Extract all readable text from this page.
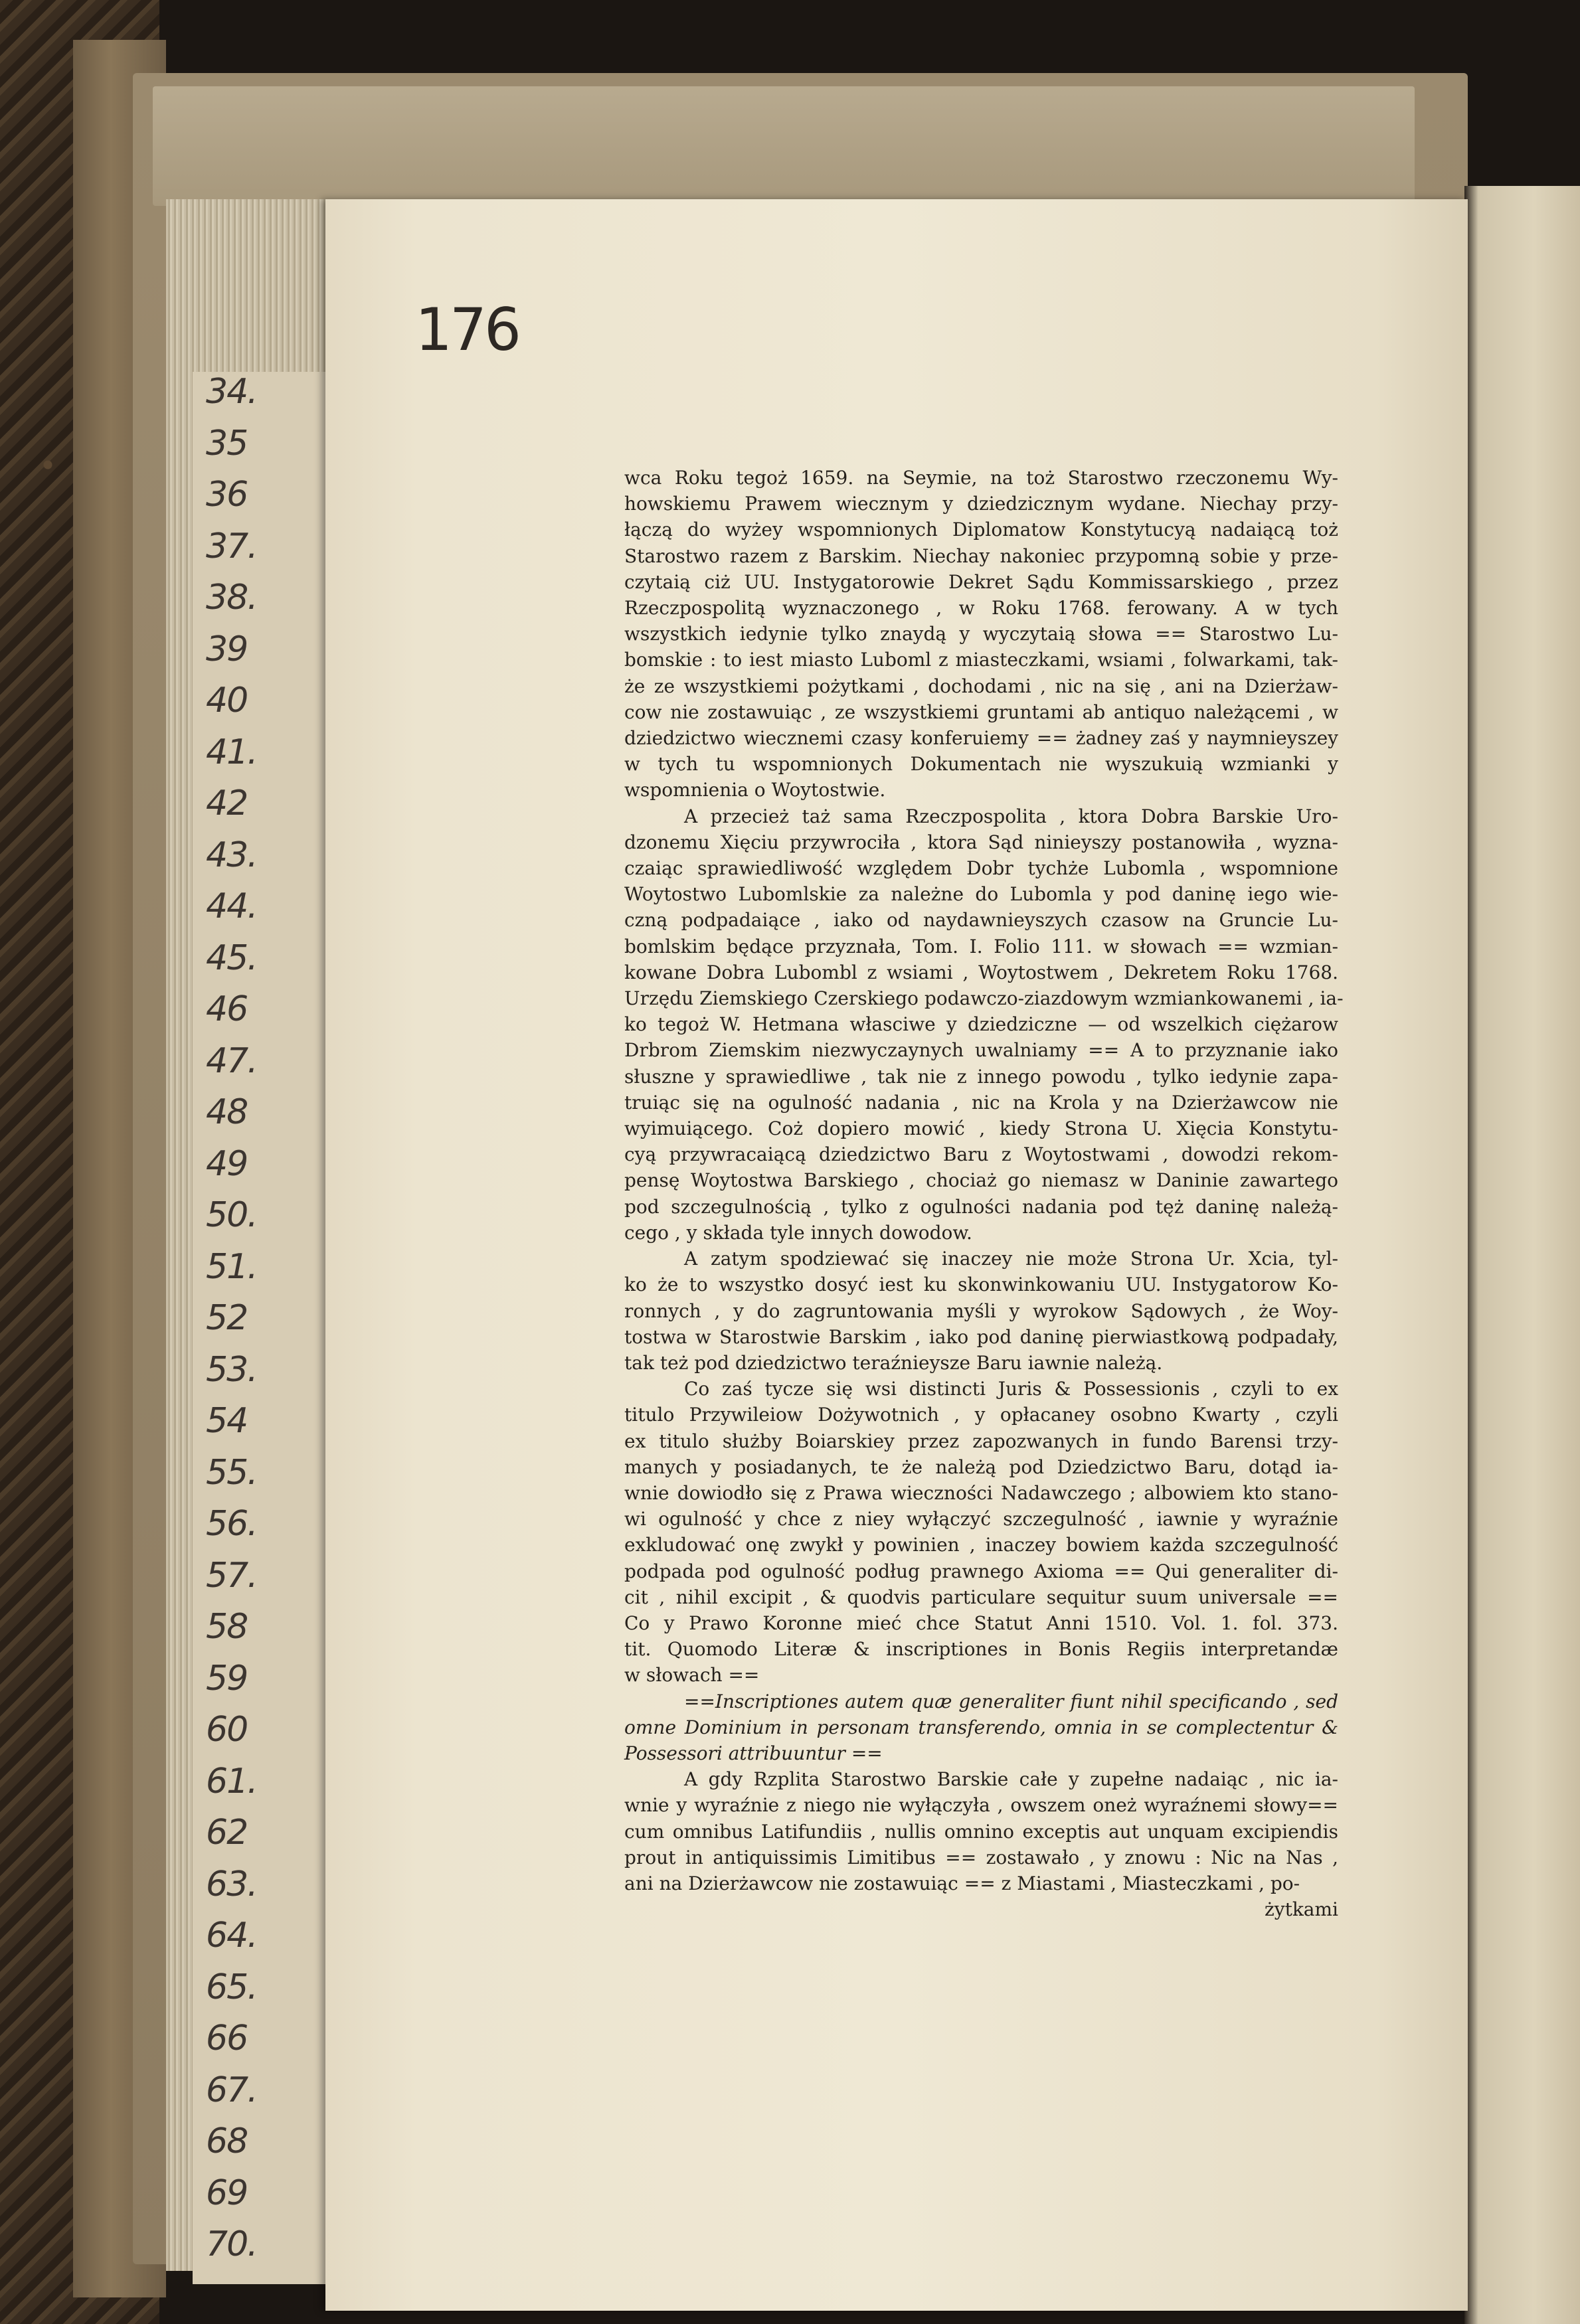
34.
35
36
37.
38.
39
40
41.
42
43.
44.
45.
46
47.
48
49
50.
51.
52
53.
54
55.
56.
57.
58
59
60
61.
62
63.
64.
65.
66
67.
68
69
70.
176
wca Roku tegoż 1659. na Seymie, na toż Starostwo rzeczonemu Wy-
howskiemu Prawem wiecznym y dziedzicznym wydane. Niechay przy-
łączą do wyżey wspomnionych Diplomatow Konstytucyą nadaiącą toż
Starostwo razem z Barskim. Niechay nakoniec przypomną sobie y prze-
czytaią ciż UU. Instygatorowie Dekret Sądu Kommissarskiego , przez
Rzeczpospolitą wyznaczonego , w Roku 1768. ferowany. A w tych
wszystkich iedynie tylko znaydą y wyczytaią słowa == Starostwo Lu-
bomskie : to iest miasto Luboml z miasteczkami, wsiami , folwarkami, tak-
że ze wszystkiemi pożytkami , dochodami , nic na się , ani na Dzierżaw-
cow nie zostawuiąc , ze wszystkiemi gruntami ab antiquo należącemi , w
dziedzictwo wiecznemi czasy konferuiemy == żadney zaś y naymnieyszey
w tych tu wspomnionych Dokumentach nie wyszukuią wzmianki y
wspomnienia o Woytostwie.
A przecież taż sama Rzeczpospolita , ktora Dobra Barskie Uro-
dzonemu Xięciu przywrociła , ktora Sąd ninieyszy postanowiła , wyzna-
czaiąc sprawiedliwość względem Dobr tychże Lubomla , wspomnione
Woytostwo Lubomlskie za należne do Lubomla y pod daninę iego wie-
czną podpadaiące , iako od naydawnieyszych czasow na Gruncie Lu-
bomlskim będące przyznała, Tom. I. Folio 111. w słowach == wzmian-
kowane Dobra Lubombl z wsiami , Woytostwem , Dekretem Roku 1768.
Urzędu Ziemskiego Czerskiego podawczo-ziazdowym wzmiankowanemi , ia-
ko tegoż W. Hetmana własciwe y dziedziczne — od wszelkich ciężarow
Drbrom Ziemskim niezwyczaynych uwalniamy == A to przyznanie iako
słuszne y sprawiedliwe , tak nie z innego powodu , tylko iedynie zapa-
truiąc się na ogulność nadania , nic na Krola y na Dzierżawcow nie
wyimuiącego. Coż dopiero mowić , kiedy Strona U. Xięcia Konstytu-
cyą przywracaiącą dziedzictwo Baru z Woytostwami , dowodzi rekom-
pensę Woytostwa Barskiego , chociaż go niemasz w Daninie zawartego
pod szczegulnością , tylko z ogulności nadania pod tęż daninę należą-
cego , y składa tyle innych dowodow.
A zatym spodziewać się inaczey nie może Strona Ur. Xcia, tyl-
ko że to wszystko dosyć iest ku skonwinkowaniu UU. Instygatorow Ko-
ronnych , y do zagruntowania myśli y wyrokow Sądowych , że Woy-
tostwa w Starostwie Barskim , iako pod daninę pierwiastkową podpadały,
tak też pod dziedzictwo teraźnieysze Baru iawnie należą.
Co zaś tycze się wsi distincti Juris & Possessionis , czyli to ex
titulo Przywileiow Dożywotnich , y opłacaney osobno Kwarty , czyli
ex titulo służby Boiarskiey przez zapozwanych in fundo Barensi trzy-
manych y posiadanych, te że należą pod Dziedzictwo Baru, dotąd ia-
wnie dowiodło się z Prawa wieczności Nadawczego ; albowiem kto stano-
wi ogulność y chce z niey wyłączyć szczegulność , iawnie y wyraźnie
exkludować onę zwykł y powinien , inaczey bowiem każda szczegulność
podpada pod ogulność podług prawnego Axioma == Qui generaliter di-
cit , nihil excipit , & quodvis particulare sequitur suum universale ==
Co y Prawo Koronne mieć chce Statut Anni 1510. Vol. 1. fol. 373.
tit. Quomodo Literæ & inscriptiones in Bonis Regiis interpretandæ
w słowach ==
==Inscriptiones autem quæ generaliter fiunt nihil specificando , sed
omne Dominium in personam transferendo, omnia in se complectentur &
Possessori attribuuntur ==
A gdy Rzplita Starostwo Barskie całe y zupełne nadaiąc , nic ia-
wnie y wyraźnie z niego nie wyłączyła , owszem oneż wyraźnemi słowy==
cum omnibus Latifundiis , nullis omnino exceptis aut unquam excipiendis
prout in antiquissimis Limitibus == zostawało , y znowu : Nic na Nas ,
ani na Dzierżawcow nie zostawuiąc == z Miastami , Miasteczkami , po-
żytkami
